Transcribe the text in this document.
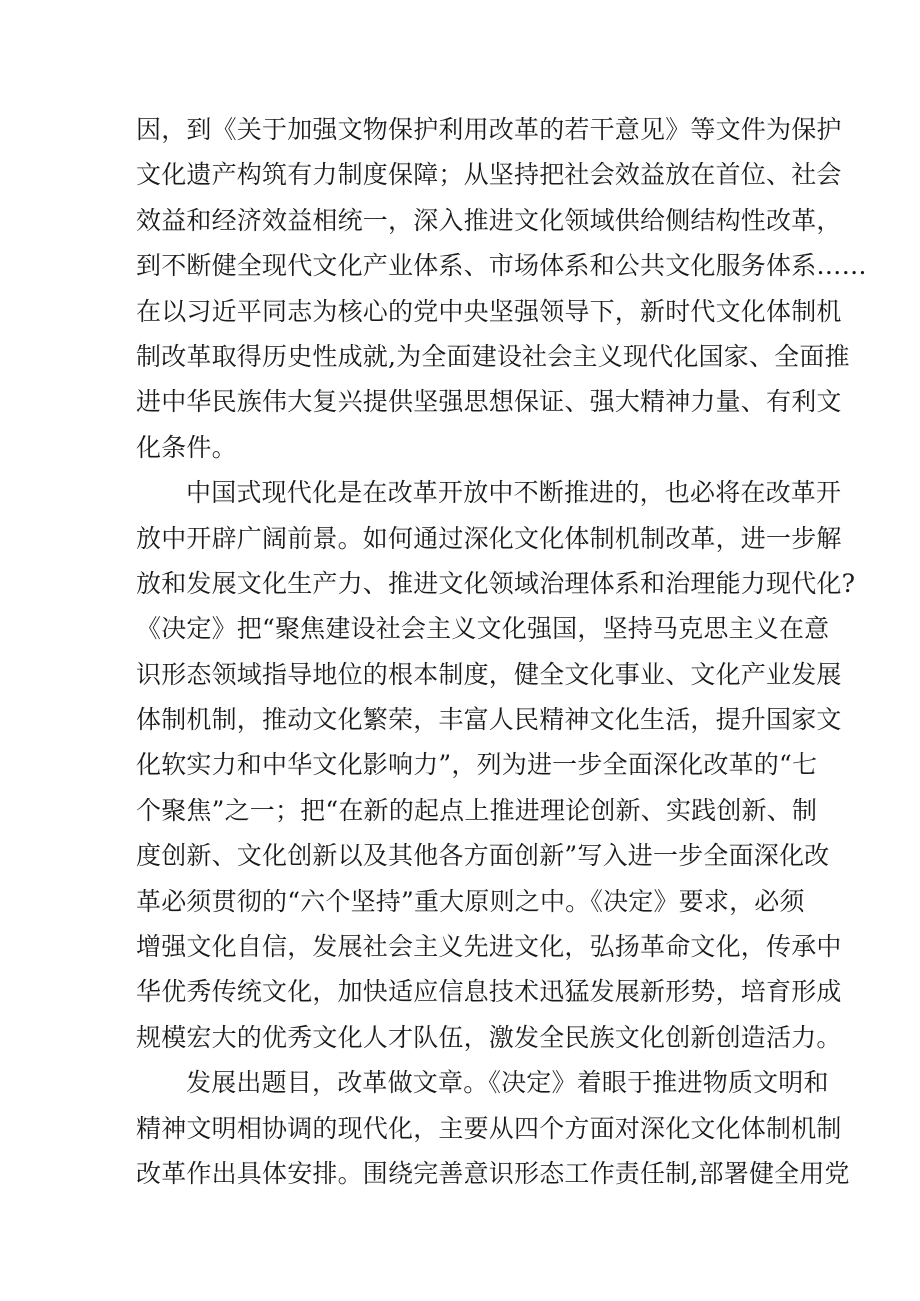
因，到《关于加强文物保护利用改革的若干意见》等文件为保护
文化遗产构筑有力制度保障；从坚持把社会效益放在首位、社会
效益和经济效益相统一，深入推进文化领域供给侧结构性改革，
到不断健全现代文化产业体系、市场体系和公共文化服务体系……
在以习近平同志为核心的党中央坚强领导下，新时代文化体制机
制改革取得历史性成就,为全面建设社会主义现代化国家、全面推
进中华民族伟大复兴提供坚强思想保证、强大精神力量、有利文
化条件。
中国式现代化是在改革开放中不断推进的，也必将在改革开
放中开辟广阔前景。如何通过深化文化体制机制改革，进一步解
放和发展文化生产力、推进文化领域治理体系和治理能力现代化?
《决定》把“聚焦建设社会主义文化强国，坚持马克思主义在意
识形态领域指导地位的根本制度，健全文化事业、文化产业发展
体制机制，推动文化繁荣，丰富人民精神文化生活，提升国家文
化软实力和中华文化影响力”，列为进一步全面深化改革的“七
个聚焦”之一；把“在新的起点上推进理论创新、实践创新、制
度创新、文化创新以及其他各方面创新”写入进一步全面深化改
革必须贯彻的“六个坚持”重大原则之中。《决定》要求，必须
增强文化自信，发展社会主义先进文化，弘扬革命文化，传承中
华优秀传统文化，加快适应信息技术迅猛发展新形势，培育形成
规模宏大的优秀文化人才队伍，激发全民族文化创新创造活力。
发展出题目，改革做文章。《决定》着眼于推进物质文明和
精神文明相协调的现代化，主要从四个方面对深化文化体制机制
改革作出具体安排。围绕完善意识形态工作责任制,部署健全用党
